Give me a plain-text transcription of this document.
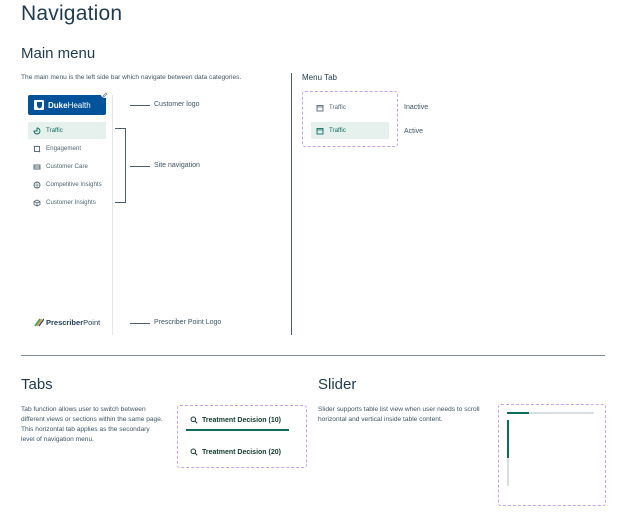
Navigation
Main menu
The main menu is the left side bar which navigate between data categories.
Duke Health
Traffic
Engagement
Customer Care
Competitive Insights
Customer Insights
Prescriber Point
Customer logo
Site navigation
Prescriber Point Logo
Menu Tab
Traffic
Traffic
Inactive
Active
Tabs
Tab function allows user to switch between different views or sections within the same page. This horizontal tab applies as the secondary level of navigation menu.
Treatment Decision (10)
Treatment Decision (20)
Slider
Slider supports table list view when user needs to scroll horizontal and vertical inside table content.
